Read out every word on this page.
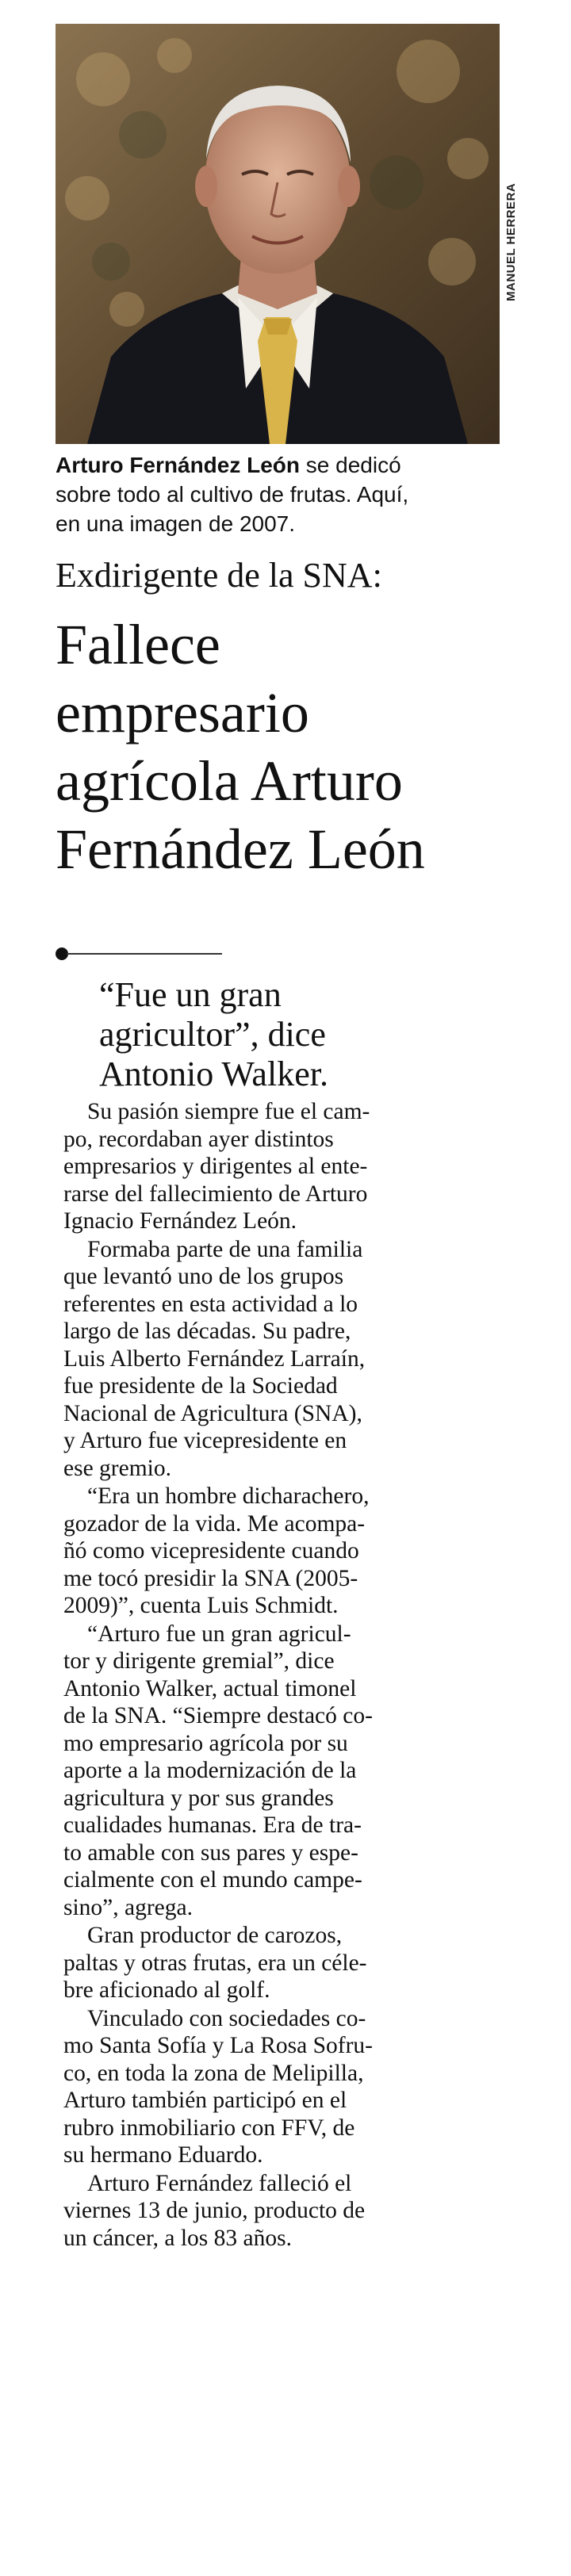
MANUEL HERRERA
Arturo Fernández León se dedicó
sobre todo al cultivo de frutas. Aquí,
en una imagen de 2007.
Exdirigente de la SNA:
Fallece
empresario
agrícola Arturo
Fernández León
“Fue un gran
agricultor”, dice
Antonio Walker.
Su pasión siempre fue el cam-
po, recordaban ayer distintos
empresarios y dirigentes al ente-
rarse del fallecimiento de Arturo
Ignacio Fernández León.
Formaba parte de una familia
que levantó uno de los grupos
referentes en esta actividad a lo
largo de las décadas. Su padre,
Luis Alberto Fernández Larraín,
fue presidente de la Sociedad
Nacional de Agricultura (SNA),
y Arturo fue vicepresidente en
ese gremio.
“Era un hombre dicharachero,
gozador de la vida. Me acompa-
ñó como vicepresidente cuando
me tocó presidir la SNA (2005-
2009)”, cuenta Luis Schmidt.
“Arturo fue un gran agricul-
tor y dirigente gremial”, dice
Antonio Walker, actual timonel
de la SNA. “Siempre destacó co-
mo empresario agrícola por su
aporte a la modernización de la
agricultura y por sus grandes
cualidades humanas. Era de tra-
to amable con sus pares y espe-
cialmente con el mundo campe-
sino”, agrega.
Gran productor de carozos,
paltas y otras frutas, era un céle-
bre aficionado al golf.
Vinculado con sociedades co-
mo Santa Sofía y La Rosa Sofru-
co, en toda la zona de Melipilla,
Arturo también participó en el
rubro inmobiliario con FFV, de
su hermano Eduardo.
Arturo Fernández falleció el
viernes 13 de junio, producto de
un cáncer, a los 83 años.
